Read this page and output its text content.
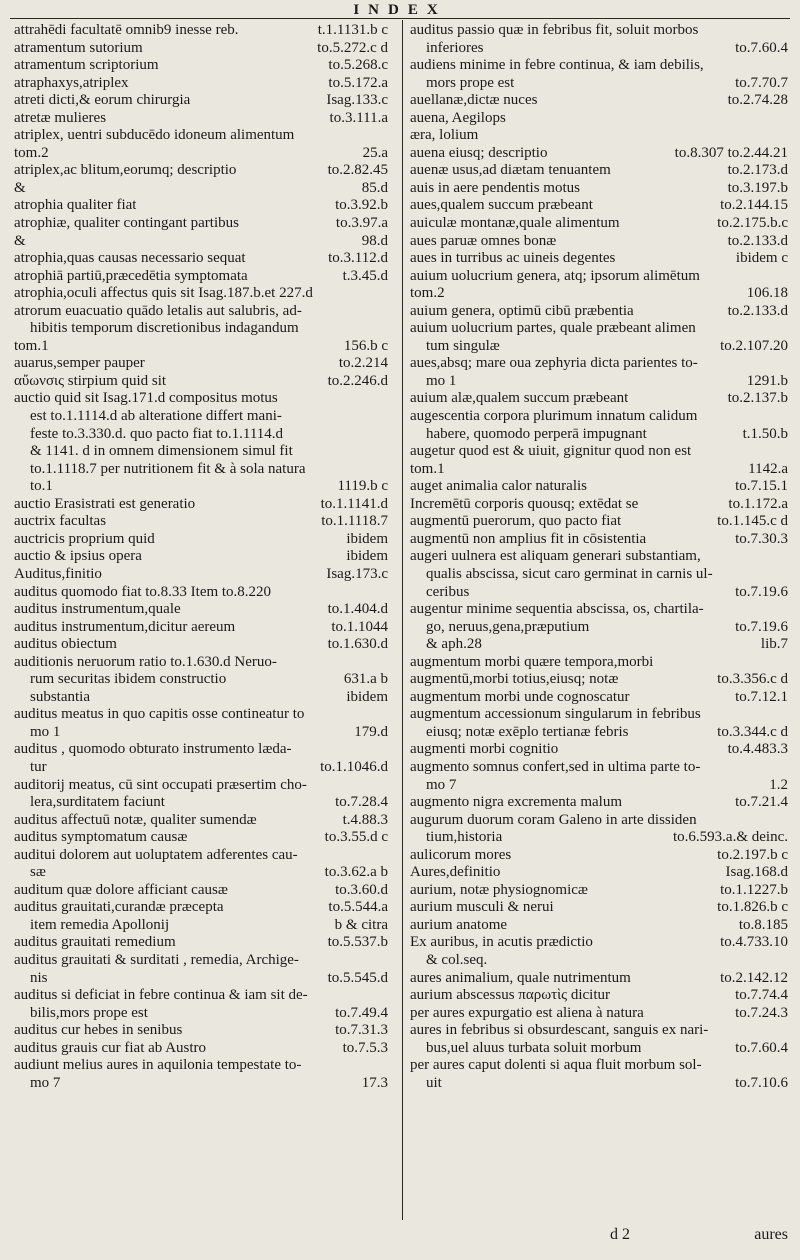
INDEX
attrahēdi facultatē omnib9 inesse reb.	t.1.1131.b c
atramentum sutorium	to.5.272.c d
atramentum scriptorium	to.5.268.c
atraphaxys,atriplex	to.5.172.a
atreti dicti,& eorum chirurgia	Isag.133.c
atretæ mulieres	to.3.111.a
atriplex, uentri subducēdo idoneum alimentum
tom.2	25.a
atriplex,ac blitum,eorumq; descriptio	to.2.82.45
&	85.d
atrophia qualiter fiat	to.3.92.b
atrophiæ, qualiter contingant partibus	to.3.97.a
&	98.d
atrophia,quas causas necessario sequat	to.3.112.d
atrophiā partiū,præcedētia symptomata	t.3.45.d
atrophia,oculi affectus quis sit Isag.187.b.et 227.d
atrorum euacuatio quādo letalis aut salubris, ad-
hibitis temporum discretionibus indagandum
tom.1	156.b c
auarus,semper pauper	to.2.214
αὔωνσις stirpium quid sit	to.2.246.d
auctio quid sit Isag.171.d compositus motus
est to.1.1114.d ab alteratione differt mani-
feste to.3.330.d. quo pacto fiat to.1.1114.d
& 1141. d in omnem dimensionem simul fit
to.1.1118.7 per nutritionem fit & à sola natura
to.1	1119.b c
auctio Erasistrati est generatio	to.1.1141.d
auctrix facultas	to.1.1118.7
auctricis proprium quid	ibidem
auctio & ipsius opera	ibidem
Auditus,finitio	Isag.173.c
auditus quomodo fiat to.8.33 Item to.8.220
auditus instrumentum,quale	to.1.404.d
auditus instrumentum,dicitur aereum	to.1.1044
auditus obiectum	to.1.630.d
auditionis neruorum ratio to.1.630.d Neruo-
rum securitas ibidem constructio	631.a b
substantia	ibidem
auditus meatus in quo capitis osse contineatur to
mo 1	179.d
auditus , quomodo obturato instrumento læda-
tur	to.1.1046.d
auditorij meatus, cū sint occupati præsertim cho-
lera,surditatem faciunt	to.7.28.4
auditus affectuū notæ, qualiter sumendæ	t.4.88.3
auditus symptomatum causæ	to.3.55.d c
auditui dolorem aut uoluptatem adferentes cau-
sæ	to.3.62.a b
auditum quæ dolore afficiant causæ	to.3.60.d
auditus grauitati,curandæ præcepta	to.5.544.a
item remedia Apollonij	b & citra
auditus grauitati remedium	to.5.537.b
auditus grauitati & surditati , remedia, Archige-
nis	to.5.545.d
auditus si deficiat in febre continua & iam sit de-
bilis,mors prope est	to.7.49.4
auditus cur hebes in senibus	to.7.31.3
auditus grauis cur fiat ab Austro	to.7.5.3
audiunt melius aures in aquilonia tempestate to-
mo 7	17.3
auditus passio quæ in febribus fit, soluit morbos
inferiores	to.7.60.4
audiens minime in febre continua, & iam debilis,
mors prope est	to.7.70.7
auellanæ,dictæ nuces	to.2.74.28
auena, Aegilops
æra, lolium
auena eiusq; descriptio	to.8.307 to.2.44.21
auenæ usus,ad diætam tenuantem	to.2.173.d
auis in aere pendentis motus	to.3.197.b
aues,qualem succum præbeant	to.2.144.15
auiculæ montanæ,quale alimentum	to.2.175.b.c
aues paruæ omnes bonæ	to.2.133.d
aues in turribus ac uineis degentes	ibidem c
auium uolucrium genera, atq; ipsorum alimētum
tom.2	106.18
auium genera, optimū cibū præbentia	to.2.133.d
auium uolucrium partes, quale præbeant alimen
tum singulæ	to.2.107.20
aues,absq; mare oua zephyria dicta parientes to-
mo 1	1291.b
auium alæ,qualem succum præbeant	to.2.137.b
augescentia corpora plurimum innatum calidum
habere, quomodo perperā impugnant	t.1.50.b
augetur quod est & uiuit, gignitur quod non est
tom.1	1142.a
auget animalia calor naturalis	to.7.15.1
Incremētū corporis quousq; extēdat se	to.1.172.a
augmentū puerorum, quo pacto fiat	to.1.145.c d
augmentū non amplius fit in cōsistentia	to.7.30.3
augeri uulnera est aliquam generari substantiam,
qualis abscissa, sicut caro germinat in carnis ul-
ceribus	to.7.19.6
augentur minime sequentia abscissa, os, chartila-
go, neruus,gena,præputium	to.7.19.6
& aph.28	lib.7
augmentum morbi quære tempora,morbi
augmentū,morbi totius,eiusq; notæ	to.3.356.c d
augmentum morbi unde cognoscatur	to.7.12.1
augmentum accessionum singularum in febribus
eiusq; notæ exēplo tertianæ febris	to.3.344.c d
augmenti morbi cognitio	to.4.483.3
augmento somnus confert,sed in ultima parte to-
mo 7	1.2
augmento nigra excrementa malum	to.7.21.4
augurum duorum coram Galeno in arte dissiden
tium,historia	to.6.593.a.& deinc.
aulicorum mores	to.2.197.b c
Aures,definitio	Isag.168.d
aurium, notæ physiognomicæ	to.1.1227.b
aurium musculi & nerui	to.1.826.b c
aurium anatome	to.8.185
Ex auribus, in acutis prædictio	to.4.733.10
& col.seq.
aures animalium, quale nutrimentum	to.2.142.12
aurium abscessus παρωτὶς dicitur	to.7.74.4
per aures expurgatio est aliena à natura	to.7.24.3
aures in febribus si obsurdescant, sanguis ex nari-
bus,uel aluus turbata soluit morbum	to.7.60.4
per aures caput dolenti si aqua fluit morbum sol-
uit	to.7.10.6
d 2	aures
